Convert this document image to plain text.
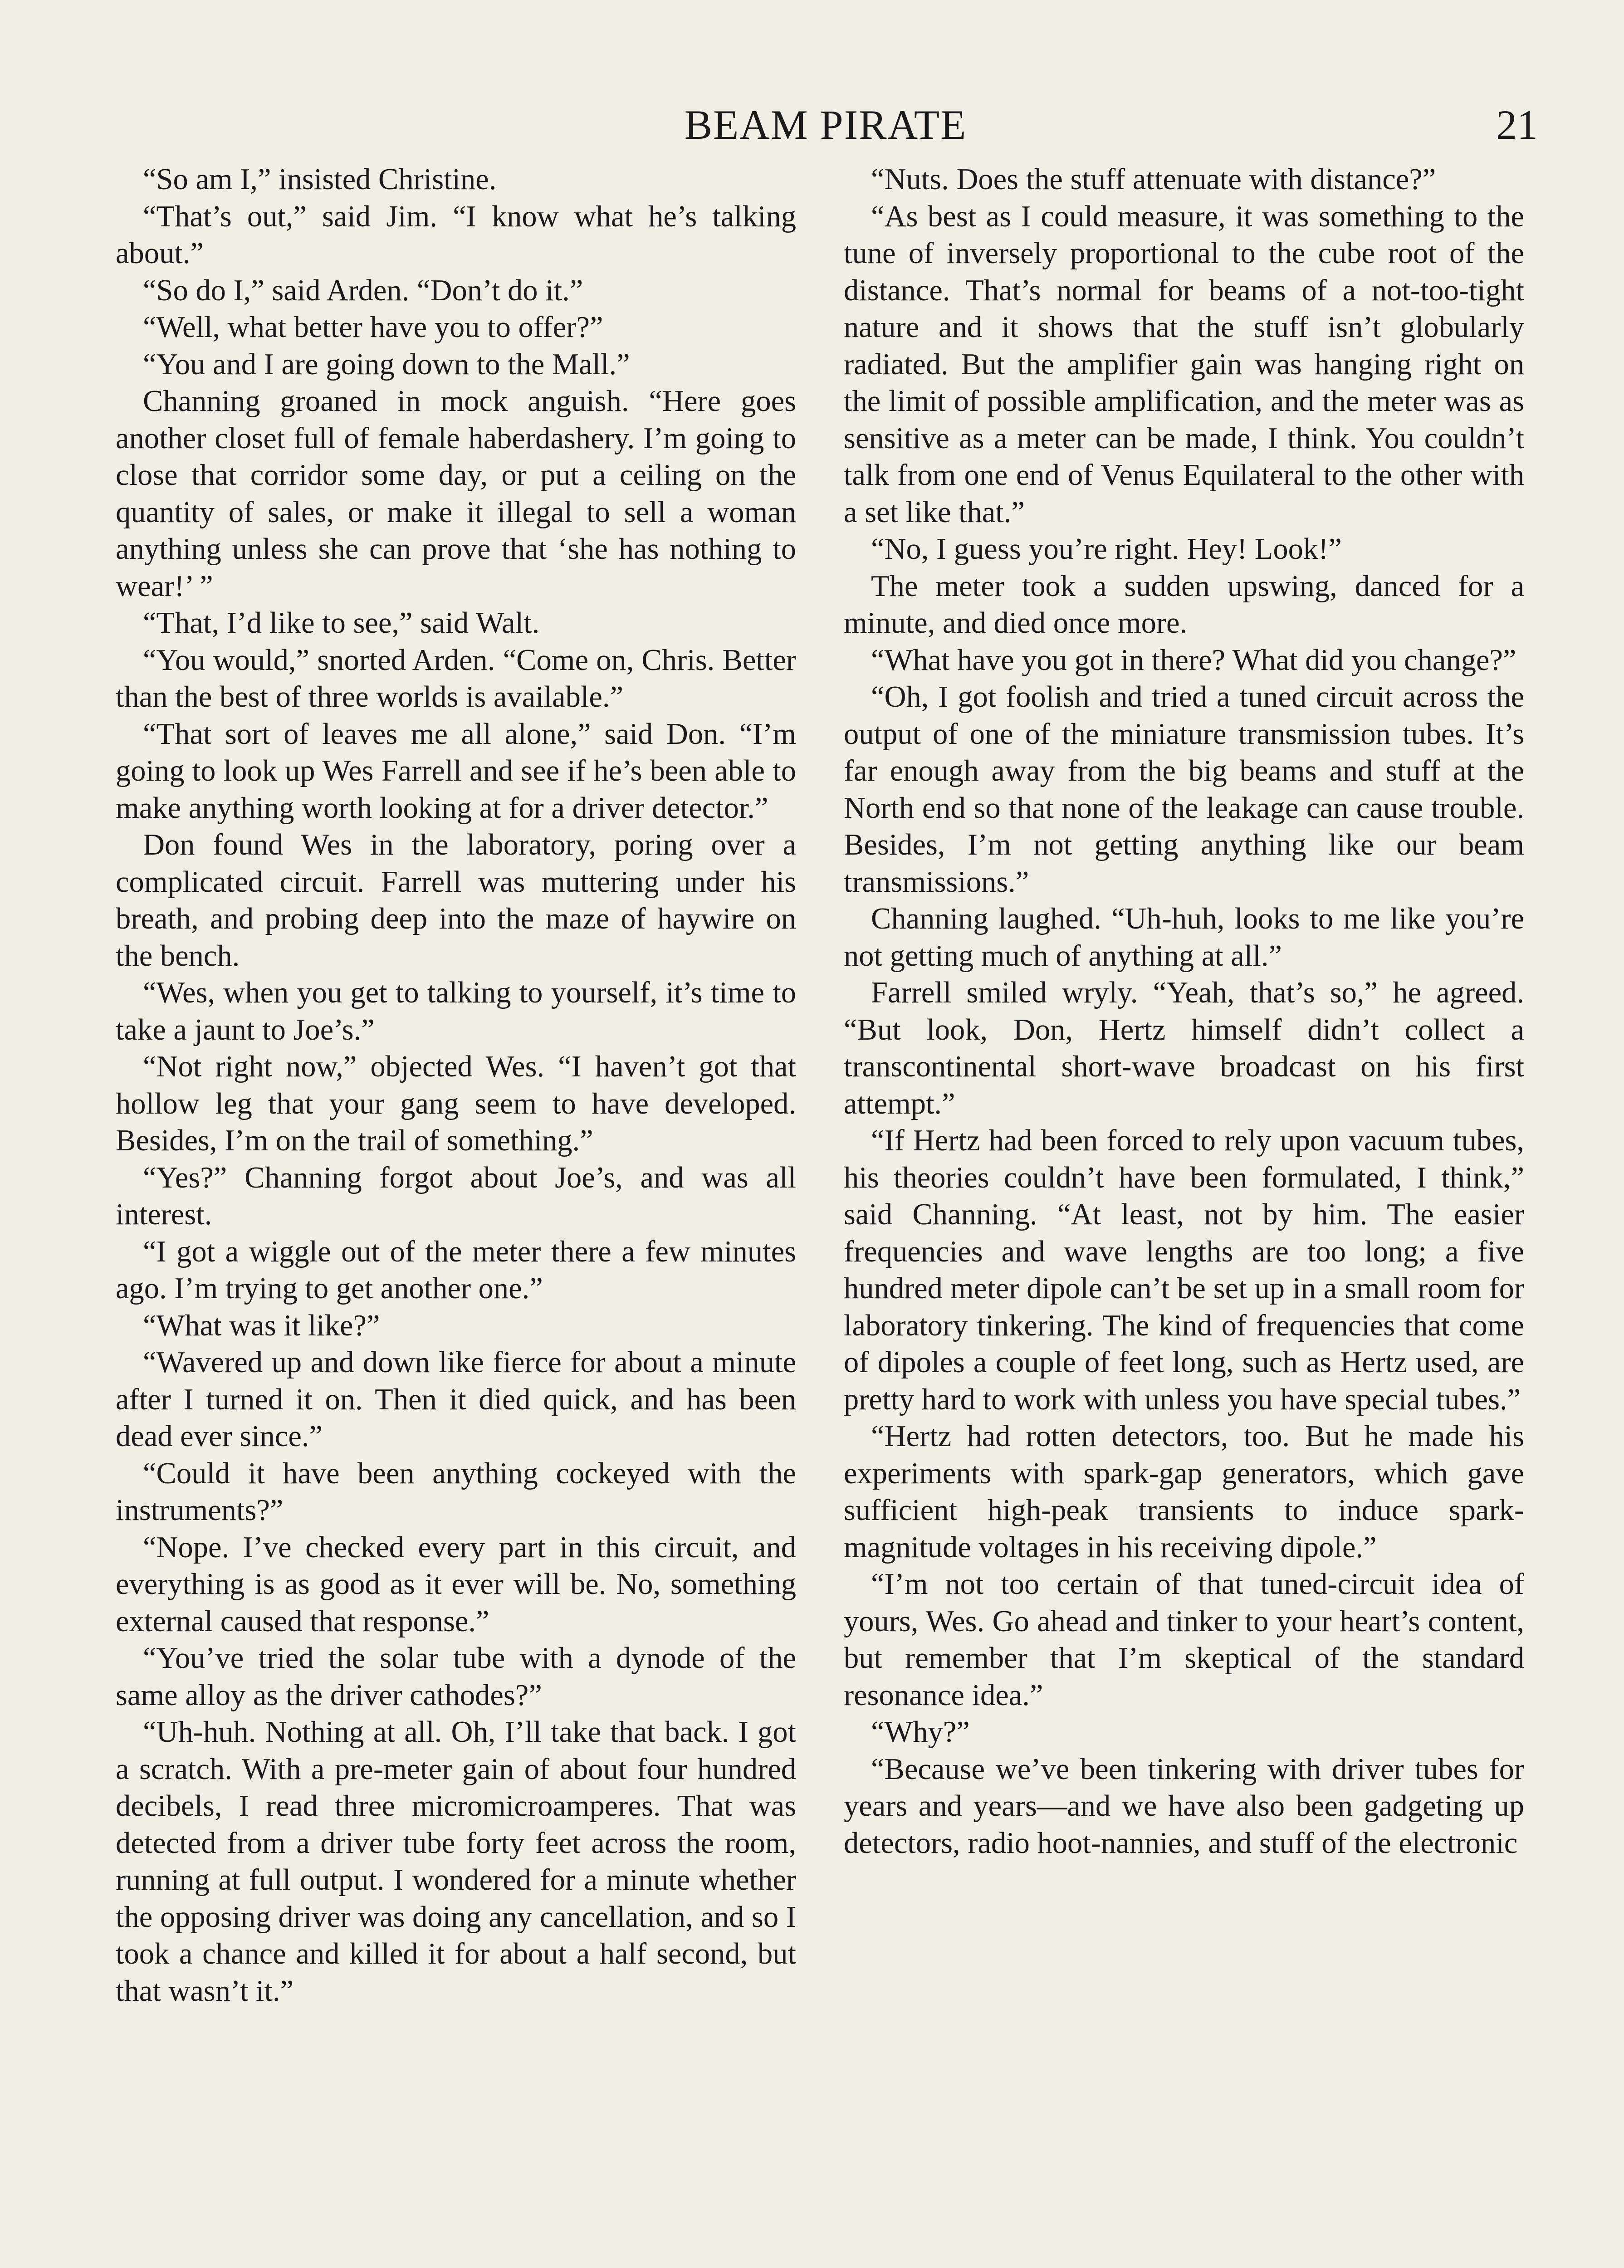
BEAM PIRATE	21

“So am I,” insisted Christine.

“That’s out,” said Jim. “I know what he’s talking about.”

“So do I,” said Arden. “Don’t do it.”

“Well, what better have you to offer?”

“You and I are going down to the Mall.”

Channing groaned in mock anguish. “Here goes another closet full of female haberdashery. I’m going to close that corridor some day, or put a ceiling on the quantity of sales, or make it illegal to sell a woman anything unless she can prove that ‘she has nothing to wear!’ ”

“That, I’d like to see,” said Walt.

“You would,” snorted Arden. “Come on, Chris. Better than the best of three worlds is available.”

“That sort of leaves me all alone,” said Don. “I’m going to look up Wes Farrell and see if he’s been able to make anything worth looking at for a driver detector.”

Don found Wes in the laboratory, poring over a complicated circuit. Farrell was muttering under his breath, and probing deep into the maze of haywire on the bench.

“Wes, when you get to talking to yourself, it’s time to take a jaunt to Joe’s.”

“Not right now,” objected Wes. “I haven’t got that hollow leg that your gang seem to have developed. Besides, I’m on the trail of something.”

“Yes?” Channing forgot about Joe’s, and was all interest.

“I got a wiggle out of the meter there a few minutes ago. I’m trying to get another one.”

“What was it like?”

“Wavered up and down like fierce for about a minute after I turned it on. Then it died quick, and has been dead ever since.”

“Could it have been anything cockeyed with the instruments?”

“Nope. I’ve checked every part in this circuit, and everything is as good as it ever will be. No, something external caused that response.”

“You’ve tried the solar tube with a dynode of the same alloy as the driver cathodes?”

“Uh-huh. Nothing at all. Oh, I’ll take that back. I got a scratch. With a pre-meter gain of about four hundred decibels, I read three micromicroamperes. That was detected from a driver tube forty feet across the room, running at full output. I wondered for a minute whether the opposing driver was doing any cancellation, and so I took a chance and killed it for about a half second, but that wasn’t it.”

“Nuts. Does the stuff attenuate with distance?”

“As best as I could measure, it was something to the tune of inversely proportional to the cube root of the distance. That’s normal for beams of a not-too-tight nature and it shows that the stuff isn’t globularly radiated. But the amplifier gain was hanging right on the limit of possible amplification, and the meter was as sensitive as a meter can be made, I think. You couldn’t talk from one end of Venus Equilateral to the other with a set like that.”

“No, I guess you’re right. Hey! Look!”

The meter took a sudden upswing, danced for a minute, and died once more.

“What have you got in there? What did you change?”

“Oh, I got foolish and tried a tuned circuit across the output of one of the miniature transmission tubes. It’s far enough away from the big beams and stuff at the North end so that none of the leakage can cause trouble. Besides, I’m not getting anything like our beam transmissions.”

Channing laughed. “Uh-huh, looks to me like you’re not getting much of anything at all.”

Farrell smiled wryly. “Yeah, that’s so,” he agreed. “But look, Don, Hertz himself didn’t collect a transcontinental short-wave broadcast on his first attempt.”

“If Hertz had been forced to rely upon vacuum tubes, his theories couldn’t have been formulated, I think,” said Channing. “At least, not by him. The easier frequencies and wave lengths are too long; a five hundred meter dipole can’t be set up in a small room for laboratory tinkering. The kind of frequencies that come of dipoles a couple of feet long, such as Hertz used, are pretty hard to work with unless you have special tubes.”

“Hertz had rotten detectors, too. But he made his experiments with spark-gap generators, which gave sufficient high-peak transients to induce spark-magnitude voltages in his receiving dipole.”

“I’m not too certain of that tuned-circuit idea of yours, Wes. Go ahead and tinker to your heart’s content, but remember that I’m skeptical of the standard resonance idea.”

“Why?”

“Because we’ve been tinkering with driver tubes for years and years—and we have also been gadgeting up detectors, radio hoot-nannies, and stuff of the electronic
